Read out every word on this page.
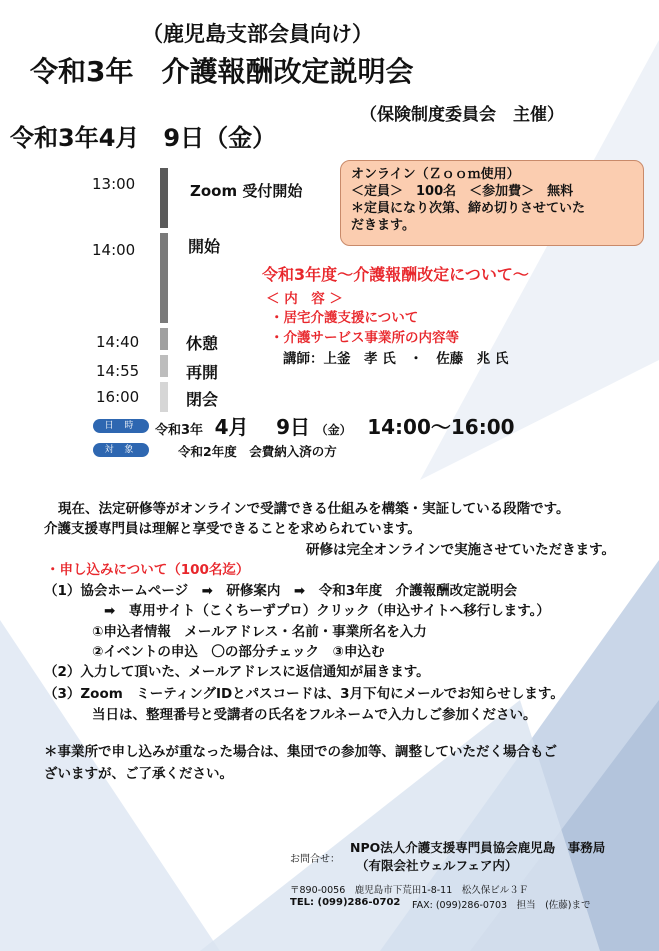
（鹿児島支部会員向け）
令和3年　介護報酬改定説明会
（保険制度委員会　主催）
令和3年4月　9日（金）
13:00
14:00
14:40
14:55
16:00
Zoom 受付開始
開始
休憩
再開
閉会
オンライン（Ｚｏｏｍ使用）
＜定員＞　100名　＜参加費＞　無料
＊定員になり次第、締め切りさせていた
だきます。
令和3年度～介護報酬改定について～
＜ 内　容 ＞
・居宅介護支援について
・介護サービス事業所の内容等
講師：上釜　孝 氏　・　佐藤　兆 氏
日 時	令和3年 4月 9日 （金） 14:00～16:00
対 象	令和2年度　会費納入済の方
現在、法定研修等がオンラインで受講できる仕組みを構築・実証している段階です。
介護支援専門員は理解と享受できることを求められています。
研修は完全オンラインで実施させていただきます。
・申し込みについて（100名迄）
（1）協会ホームページ　➡　研修案内　➡　令和3年度　介護報酬改定説明会
➡　専用サイト（こくちーずプロ）クリック（申込サイトへ移行します。）
①申込者情報　メールアドレス・名前・事業所名を入力
②イベントの申込　〇の部分チェック　③申込む
（2）入力して頂いた、メールアドレスに返信通知が届きます。
（3）Zoom　ミーティングIDとパスコードは、3月下旬にメールでお知らせします。
当日は、整理番号と受講者の氏名をフルネームで入力しご参加ください。
＊事業所で申し込みが重なった場合は、集団での参加等、調整していただく場合もご
ざいますが、ご了承ください。
お問合せ：
NPO法人介護支援専門員協会鹿児島　事務局
（有限会社ウェルフェア内）
〒890-0056　鹿児島市下荒田1-8-11　松久保ビル３Ｆ
TEL: (099)286-0702 FAX: (099)286-0703　担当　(佐藤)まで
